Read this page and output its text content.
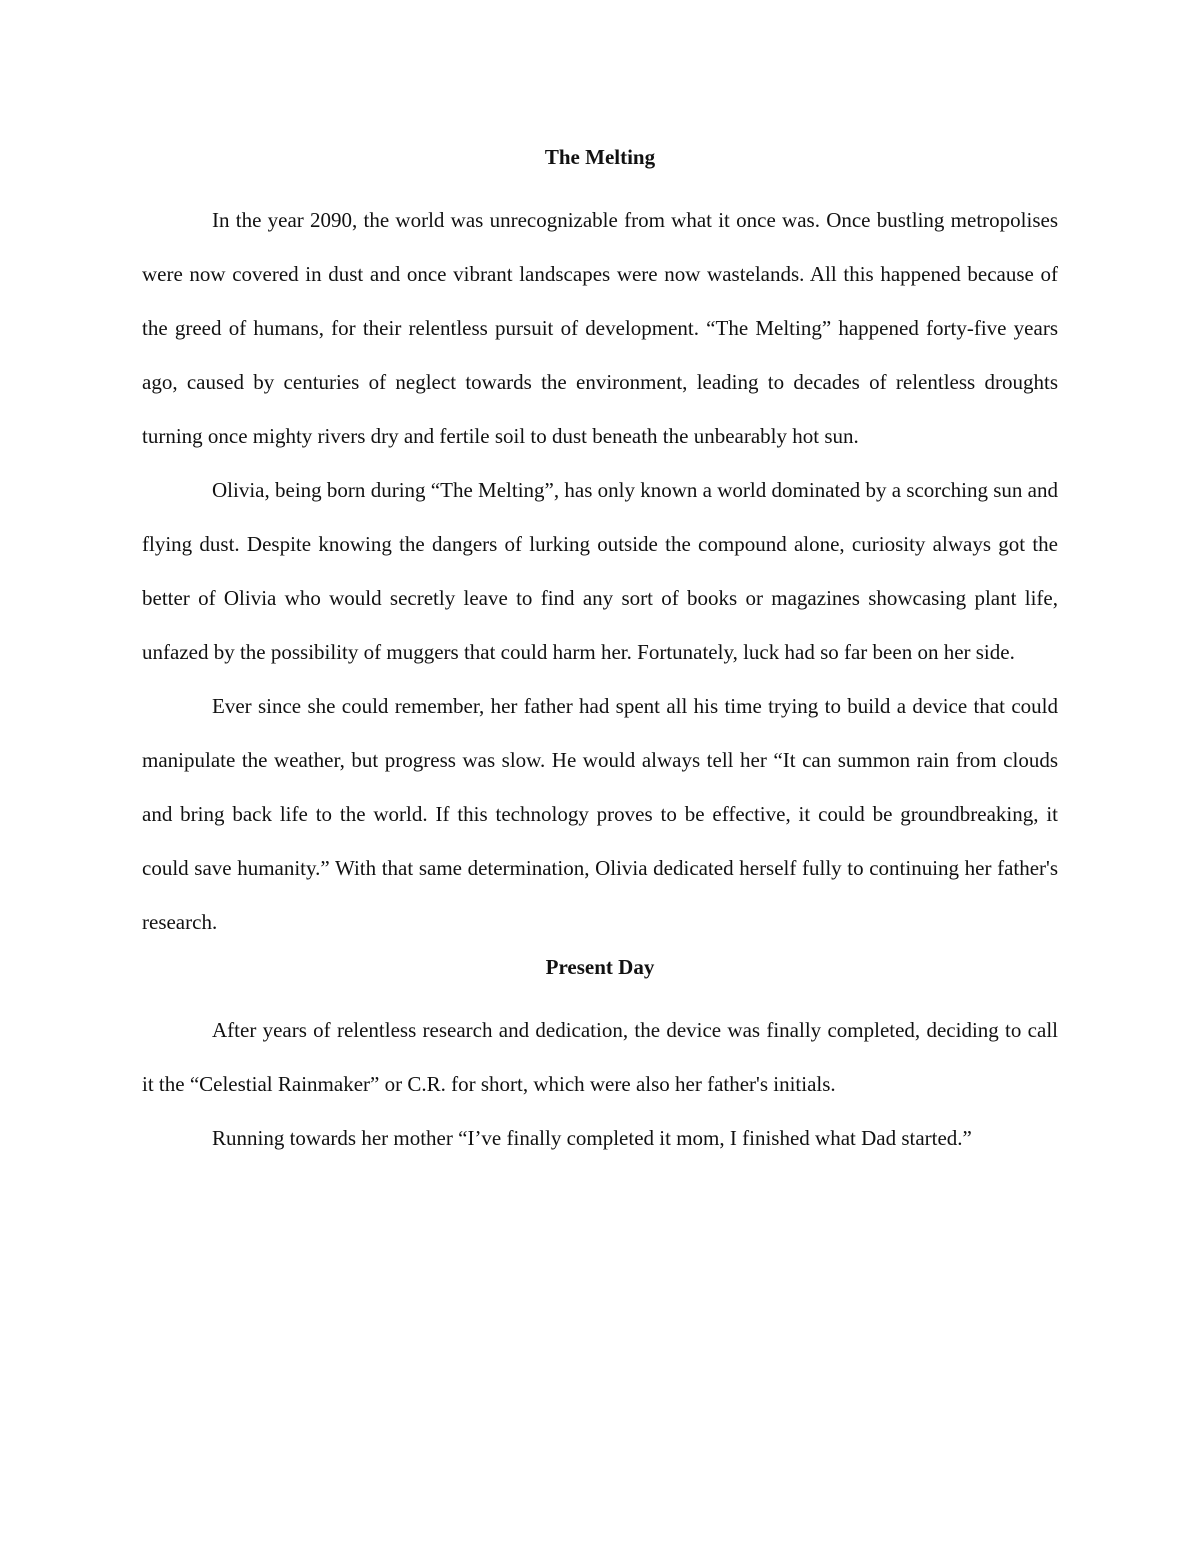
The Melting

In the year 2090, the world was unrecognizable from what it once was. Once bustling metropolises were now covered in dust and once vibrant landscapes were now wastelands. All this happened because of the greed of humans, for their relentless pursuit of development. “The Melting” happened forty-five years ago, caused by centuries of neglect towards the environment, leading to decades of relentless droughts turning once mighty rivers dry and fertile soil to dust beneath the unbearably hot sun.

Olivia, being born during “The Melting”, has only known a world dominated by a scorching sun and flying dust. Despite knowing the dangers of lurking outside the compound alone, curiosity always got the better of Olivia who would secretly leave to find any sort of books or magazines showcasing plant life, unfazed by the possibility of muggers that could harm her. Fortunately, luck had so far been on her side.

Ever since she could remember, her father had spent all his time trying to build a device that could manipulate the weather, but progress was slow. He would always tell her “It can summon rain from clouds and bring back life to the world. If this technology proves to be effective, it could be groundbreaking, it could save humanity.” With that same determination, Olivia dedicated herself fully to continuing her father's research.

Present Day

After years of relentless research and dedication, the device was finally completed, deciding to call it the “Celestial Rainmaker” or C.R. for short, which were also her father's initials.

Running towards her mother “I’ve finally completed it mom, I finished what Dad started.”
